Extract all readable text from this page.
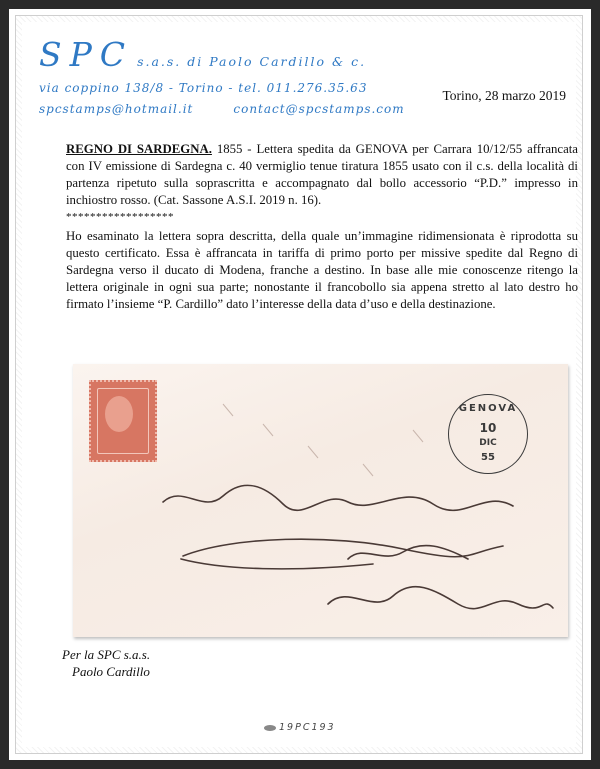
SPC s.a.s. di Paolo Cardillo & c.
via coppino 138/8 - Torino - tel. 011.276.35.63
spcstamps@hotmail.it	contact@spcstamps.com
Torino, 28 marzo 2019

REGNO DI SARDEGNA. 1855 - Lettera spedita da GENOVA per Carrara 10/12/55 affrancata con IV emissione di Sardegna c. 40 vermiglio tenue tiratura 1855 usato con il c.s. della località di partenza ripetuto sulla soprascritta e accompagnato dal bollo accessorio “P.D.” impresso in inchiostro rosso. (Cat. Sassone A.S.I. 2019 n. 16).

******************

Ho esaminato la lettera sopra descritta, della quale un’immagine ridimensionata è riprodotta su questo certificato. Essa è affrancata in tariffa di primo porto per missive spedite dal Regno di Sardegna verso il ducato di Modena, franche a destino. In base alle mie conoscenze ritengo la lettera originale in ogni sua parte; nonostante il francobollo sia appena stretto al lato destro ho firmato l’insieme “P. Cardillo” dato l’interesse della data d’uso e della destinazione.

GENOVA
10
DIC
55
Per la SPC s.a.s.
Paolo Cardillo
19PC193
